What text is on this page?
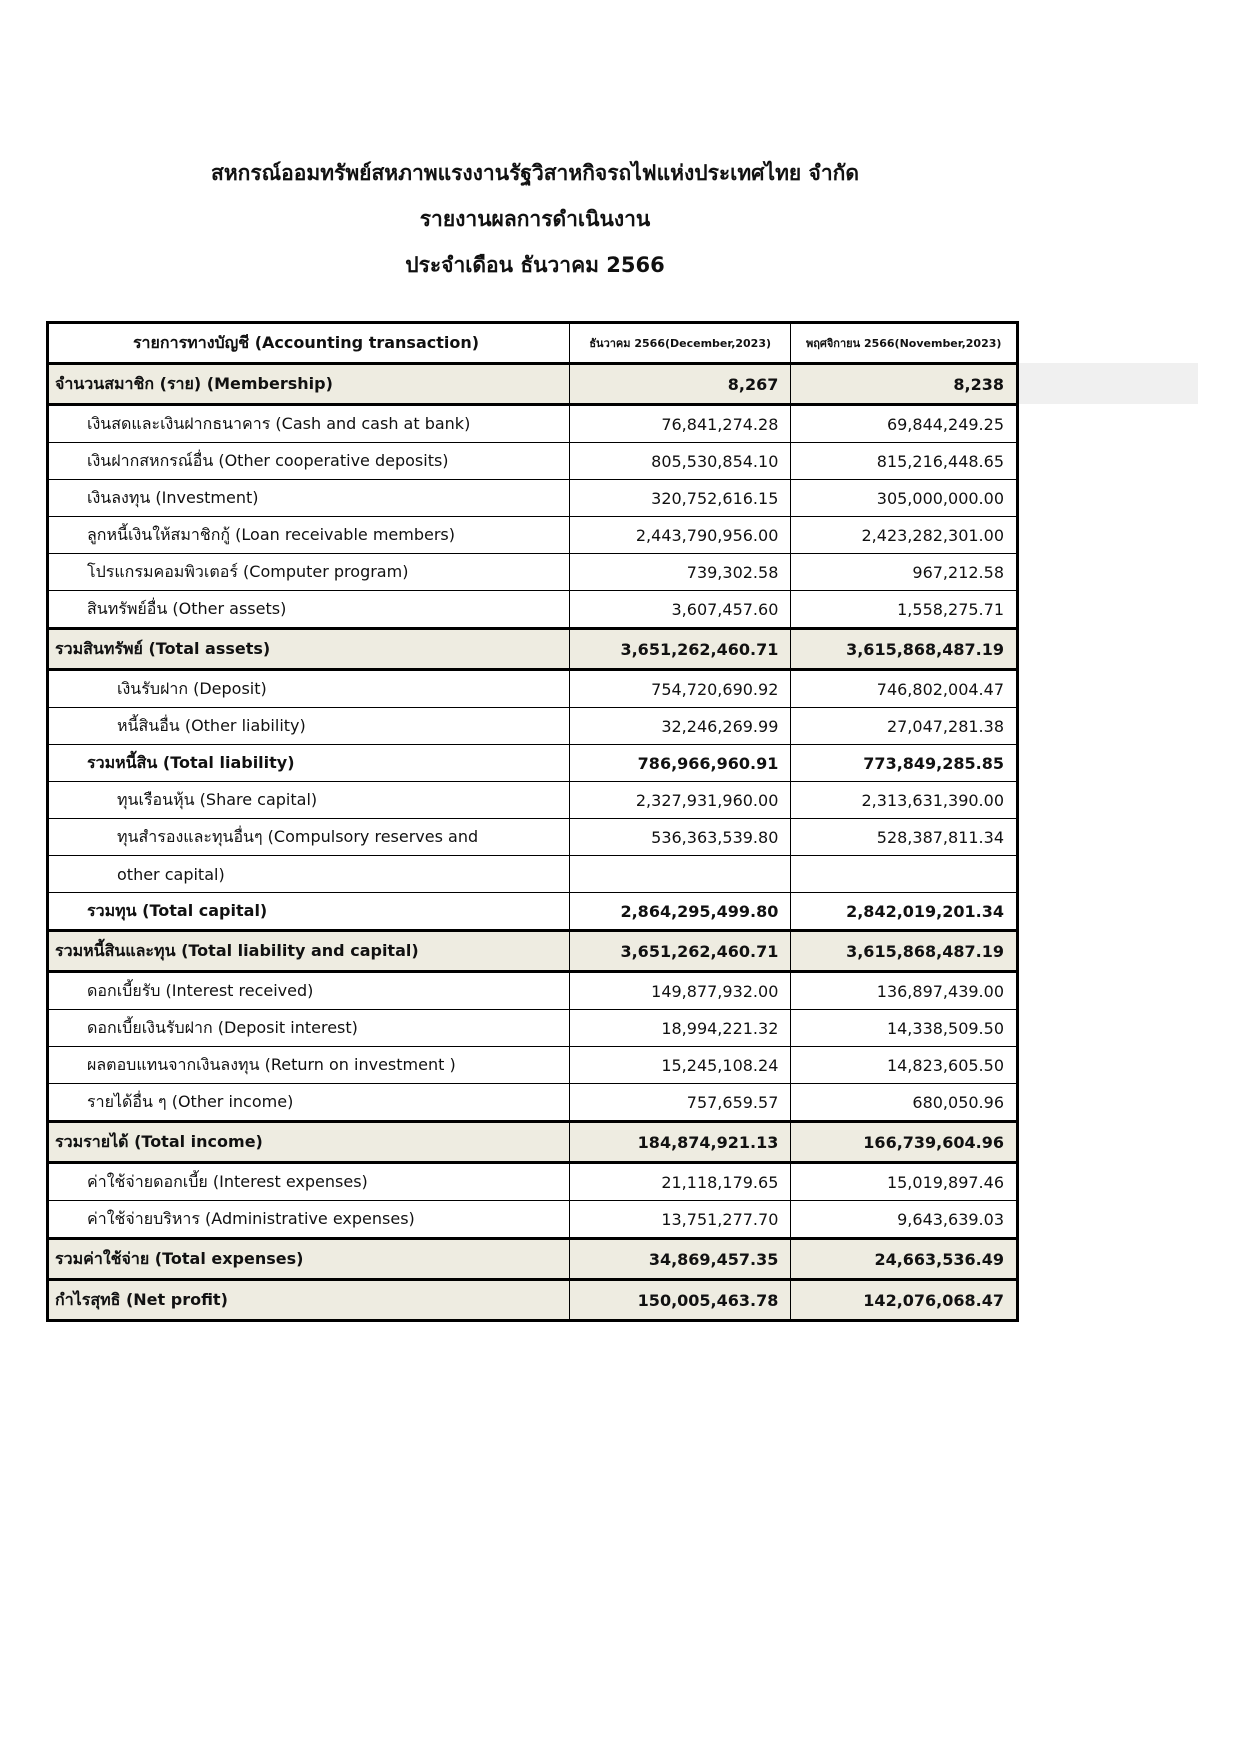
สหกรณ์ออมทรัพย์สหภาพแรงงานรัฐวิสาหกิจรถไฟแห่งประเทศไทย จำกัด
รายงานผลการดำเนินงาน
ประจำเดือน ธันวาคม 2566
รายการทางบัญชี (Accounting transaction)	ธันวาคม 2566(December,2023)	พฤศจิกายน 2566(November,2023)
จำนวนสมาชิก (ราย) (Membership)	8,267	8,238
เงินสดและเงินฝากธนาคาร (Cash and cash at bank)	76,841,274.28	69,844,249.25
เงินฝากสหกรณ์อื่น (Other cooperative deposits)	805,530,854.10	815,216,448.65
เงินลงทุน (Investment)	320,752,616.15	305,000,000.00
ลูกหนี้เงินให้สมาชิกกู้ (Loan receivable members)	2,443,790,956.00	2,423,282,301.00
โปรแกรมคอมพิวเตอร์ (Computer program)	739,302.58	967,212.58
สินทรัพย์อื่น (Other assets)	3,607,457.60	1,558,275.71
รวมสินทรัพย์ (Total assets)	3,651,262,460.71	3,615,868,487.19
เงินรับฝาก (Deposit)	754,720,690.92	746,802,004.47
หนี้สินอื่น (Other liability)	32,246,269.99	27,047,281.38
รวมหนี้สิน (Total liability)	786,966,960.91	773,849,285.85
ทุนเรือนหุ้น (Share capital)	2,327,931,960.00	2,313,631,390.00
ทุนสำรองและทุนอื่นๆ (Compulsory reserves and	536,363,539.80	528,387,811.34
other capital)		
รวมทุน (Total capital)	2,864,295,499.80	2,842,019,201.34
รวมหนี้สินและทุน (Total liability and capital)	3,651,262,460.71	3,615,868,487.19
ดอกเบี้ยรับ (Interest received)	149,877,932.00	136,897,439.00
ดอกเบี้ยเงินรับฝาก (Deposit interest)	18,994,221.32	14,338,509.50
ผลตอบแทนจากเงินลงทุน (Return on investment )	15,245,108.24	14,823,605.50
รายได้อื่น ๆ (Other income)	757,659.57	680,050.96
รวมรายได้ (Total income)	184,874,921.13	166,739,604.96
ค่าใช้จ่ายดอกเบี้ย (Interest expenses)	21,118,179.65	15,019,897.46
ค่าใช้จ่ายบริหาร (Administrative expenses)	13,751,277.70	9,643,639.03
รวมค่าใช้จ่าย (Total expenses)	34,869,457.35	24,663,536.49
กำไรสุทธิ (Net profit)	150,005,463.78	142,076,068.47
